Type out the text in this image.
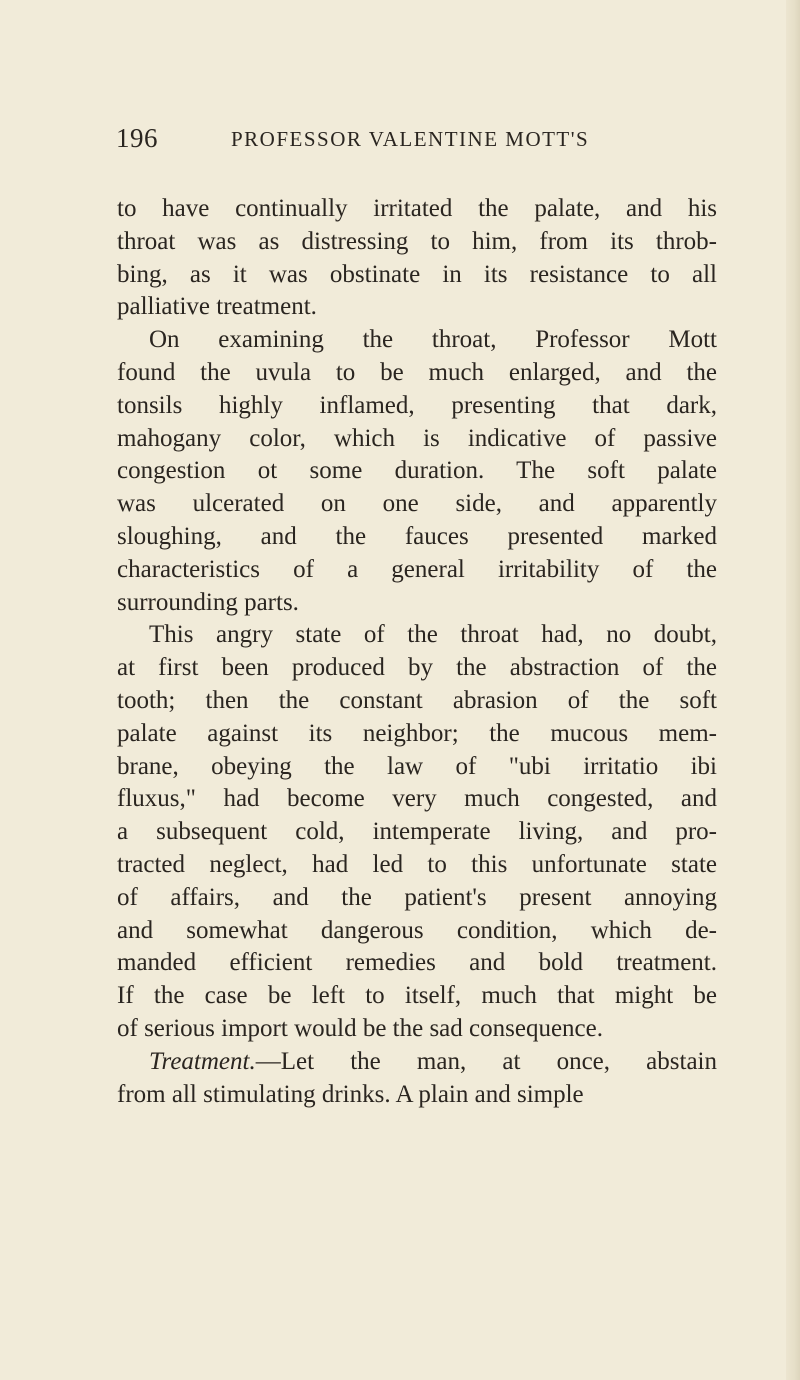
196	PROFESSOR VALENTINE MOTT'S
to have continually irritated the palate, and his
throat was as distressing to him, from its throb-
bing, as it was obstinate in its resistance to all
palliative treatment.
On examining the throat, Professor Mott
found the uvula to be much enlarged, and the
tonsils highly inflamed, presenting that dark,
mahogany color, which is indicative of passive
congestion ot some duration. The soft palate
was ulcerated on one side, and apparently
sloughing, and the fauces presented marked
characteristics of a general irritability of the
surrounding parts.
This angry state of the throat had, no doubt,
at first been produced by the abstraction of the
tooth; then the constant abrasion of the soft
palate against its neighbor; the mucous mem-
brane, obeying the law of "ubi irritatio ibi
fluxus," had become very much congested, and
a subsequent cold, intemperate living, and pro-
tracted neglect, had led to this unfortunate state
of affairs, and the patient's present annoying
and somewhat dangerous condition, which de-
manded efficient remedies and bold treatment.
If the case be left to itself, much that might be
of serious import would be the sad consequence.
Treatment.—Let the man, at once, abstain
from all stimulating drinks. A plain and simple
